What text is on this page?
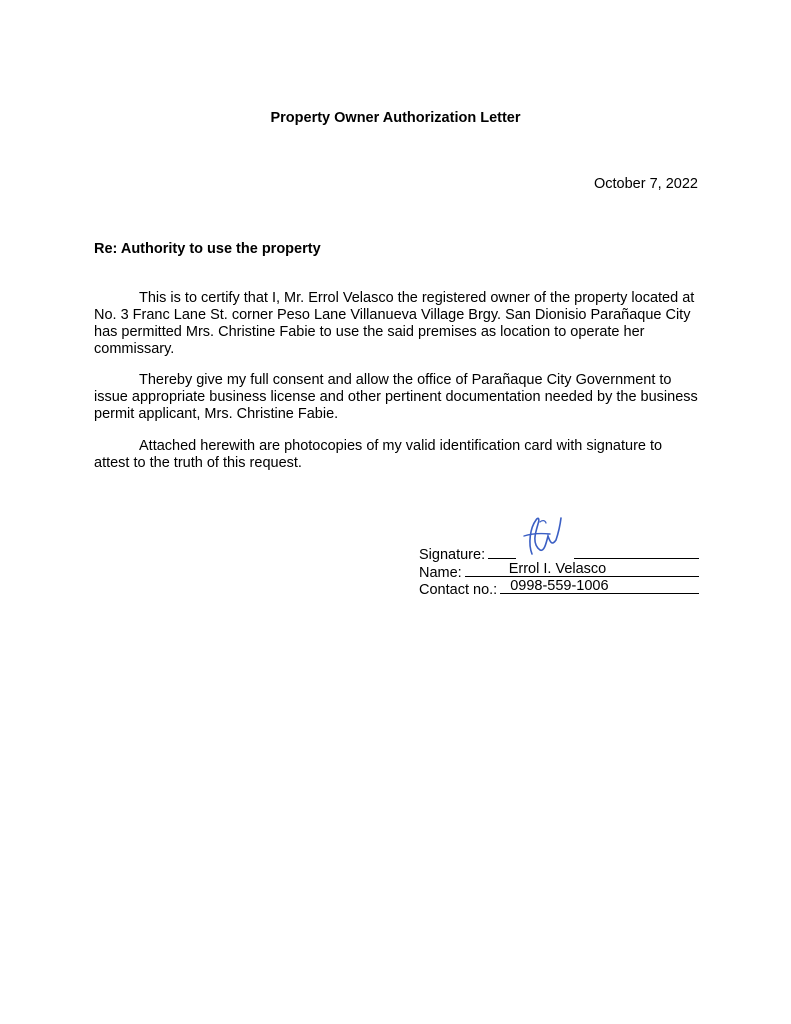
Property Owner Authorization Letter
October 7, 2022
Re: Authority to use the property

This is to certify that I, Mr. Errol Velasco the registered owner of the property located at No. 3 Franc Lane St. corner Peso Lane Villanueva Village Brgy. San Dionisio Parañaque City has permitted Mrs. Christine Fabie to use the said premises as location to operate her commissary.

Thereby give my full consent and allow the office of Parañaque City Government to issue appropriate business license and other pertinent documentation needed by the business permit applicant, Mrs. Christine Fabie.

Attached herewith are photocopies of my valid identification card with signature to attest to the truth of this request.

Signature:
Name:	Errol I. Velasco
Contact no.: 0998-559-1006
